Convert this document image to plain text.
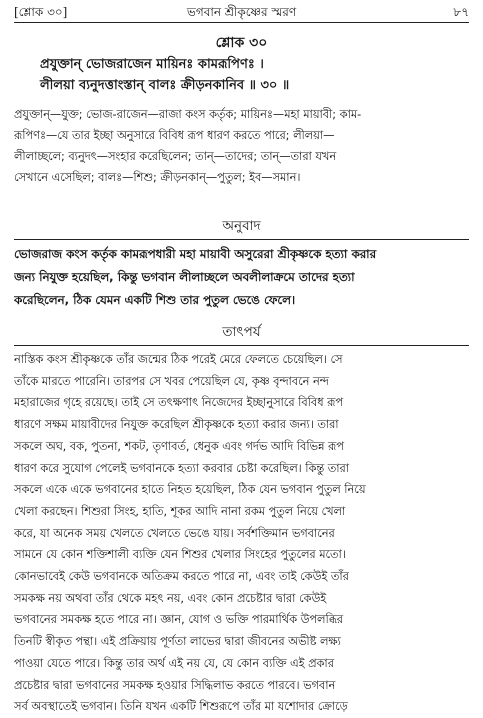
[শ্লোক ৩০]	ভগবান শ্রীকৃষ্ণের স্মরণ	৮৭
শ্লোক ৩০
প্রযুক্তান্ ভোজরাজেন মায়িনঃ কামরূপিণঃ ।
লীলয়া ব্যনুদত্তাংস্তান্ বালঃ ক্রীড়নকানিব ॥ ৩০ ॥
প্রযুক্তান্—যুক্ত; ভোজ-রাজেন—রাজা কংস কর্তৃক; মায়িনঃ—মহা মায়াবী; কাম-
রূপিণঃ—যে তার ইচ্ছা অনুসারে বিবিধ রূপ ধারণ করতে পারে; লীলয়া—
লীলাচ্ছলে; ব্যনুদৎ—সংহার করেছিলেন; তান্—তাদের; তান্—তারা যখন
সেখানে এসেছিল; বালঃ—শিশু; ক্রীড়নকান্—পুতুল; ইব—সমান।
অনুবাদ
ভোজরাজ কংস কর্তৃক কামরূপধারী মহা মায়াবী অসুরেরা শ্রীকৃষ্ণকে হত্যা করার
জন্য নিযুক্ত হয়েছিল, কিন্তু ভগবান লীলাচ্ছলে অবলীলাক্রমে তাদের হত্যা
করেছিলেন, ঠিক যেমন একটি শিশু তার পুতুল ভেঙে ফেলে।
তাৎপর্য
নাস্তিক কংস শ্রীকৃষ্ণকে তাঁর জন্মের ঠিক পরেই মেরে ফেলতে চেয়েছিল। সে
তাঁকে মারতে পারেনি। তারপর সে খবর পেয়েছিল যে, কৃষ্ণ বৃন্দাবনে নন্দ
মহারাজের গৃহে রয়েছে। তাই সে তৎক্ষণাৎ নিজেদের ইচ্ছানুসারে বিবিধ রূপ
ধারণে সক্ষম মায়াবীদের নিযুক্ত করেছিল শ্রীকৃষ্ণকে হত্যা করার জন্য। তারা
সকলে অঘ, বক, পুতনা, শকট, তৃণাবর্ত, ধেনুক এবং গর্দভ আদি বিভিন্ন রূপ
ধারণ করে সুযোগ পেলেই ভগবানকে হত্যা করবার চেষ্টা করেছিল। কিন্তু তারা
সকলে একে একে ভগবানের হাতে নিহত হয়েছিল, ঠিক যেন ভগবান পুতুল নিয়ে
খেলা করছেন। শিশুরা সিংহ, হাতি, শূকর আদি নানা রকম পুতুল নিয়ে খেলা
করে, যা অনেক সময় খেলতে খেলতে ভেঙে যায়। সর্বশক্তিমান ভগবানের
সামনে যে কোন শক্তিশালী ব্যক্তি যেন শিশুর খেলার সিংহের পুতুলের মতো।
কোনভাবেই কেউ ভগবানকে অতিক্রম করতে পারে না, এবং তাই কেউই তাঁর
সমকক্ষ নয় অথবা তাঁর থেকে মহৎ নয়, এবং কোন প্রচেষ্টার দ্বারা কেউই
ভগবানের সমকক্ষ হতে পারে না। জ্ঞান, যোগ ও ভক্তি পারমার্থিক উপলব্ধির
তিনটি স্বীকৃত পন্থা। এই প্রক্রিয়ায় পূর্ণতা লাভের দ্বারা জীবনের অভীষ্ট লক্ষ্য
পাওয়া যেতে পারে। কিন্তু তার অর্থ এই নয় যে, যে কোন ব্যক্তি এই প্রকার
প্রচেষ্টার দ্বারা ভগবানের সমকক্ষ হওয়ার সিদ্ধিলাভ করতে পারবে। ভগবান
সর্ব অবস্থাতেই ভগবান। তিনি যখন একটি শিশুরূপে তাঁর মা যশোদার ক্রোড়ে
